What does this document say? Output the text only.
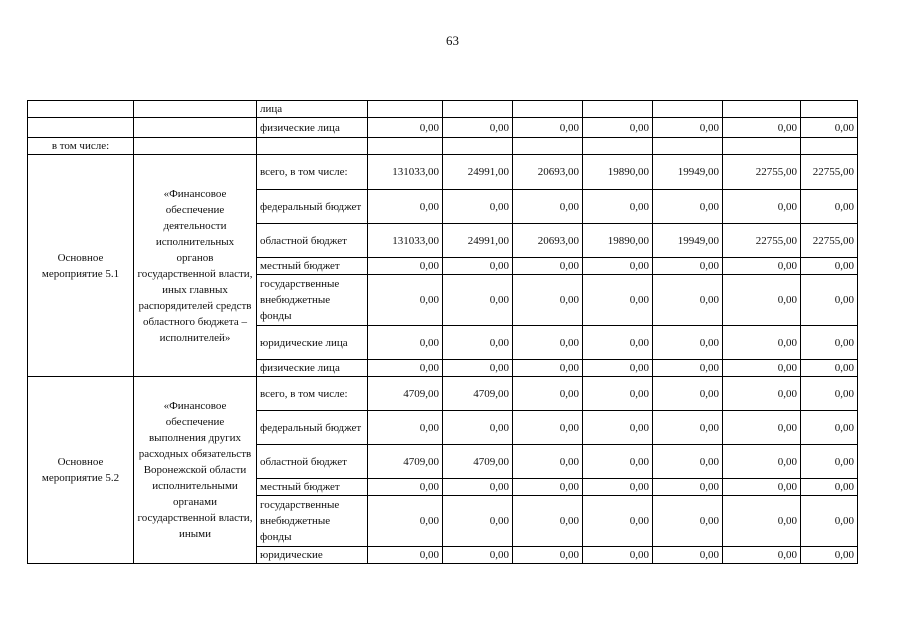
63
		лица							
		физические лица	0,00	0,00	0,00	0,00	0,00	0,00	0,00
в том числе:									
Основное мероприятие 5.1	«Финансовое обеспечение деятельности исполнительных органов государственной власти, иных главных распорядителей средств областного бюджета – исполнителей»	всего, в том числе:	131033,00	24991,00	20693,00	19890,00	19949,00	22755,00	22755,00
		федеральный бюджет	0,00	0,00	0,00	0,00	0,00	0,00	0,00
		областной бюджет	131033,00	24991,00	20693,00	19890,00	19949,00	22755,00	22755,00
		местный бюджет	0,00	0,00	0,00	0,00	0,00	0,00	0,00
		государственные внебюджетные фонды	0,00	0,00	0,00	0,00	0,00	0,00	0,00
		юридические лица	0,00	0,00	0,00	0,00	0,00	0,00	0,00
		физические лица	0,00	0,00	0,00	0,00	0,00	0,00	0,00
Основное мероприятие 5.2	«Финансовое обеспечение выполнения других расходных обязательств Воронежской области исполнительными органами государственной власти, иными	всего, в том числе:	4709,00	4709,00	0,00	0,00	0,00	0,00	0,00
		федеральный бюджет	0,00	0,00	0,00	0,00	0,00	0,00	0,00
		областной бюджет	4709,00	4709,00	0,00	0,00	0,00	0,00	0,00
		местный бюджет	0,00	0,00	0,00	0,00	0,00	0,00	0,00
		государственные внебюджетные фонды	0,00	0,00	0,00	0,00	0,00	0,00	0,00
		юридические	0,00	0,00	0,00	0,00	0,00	0,00	0,00
